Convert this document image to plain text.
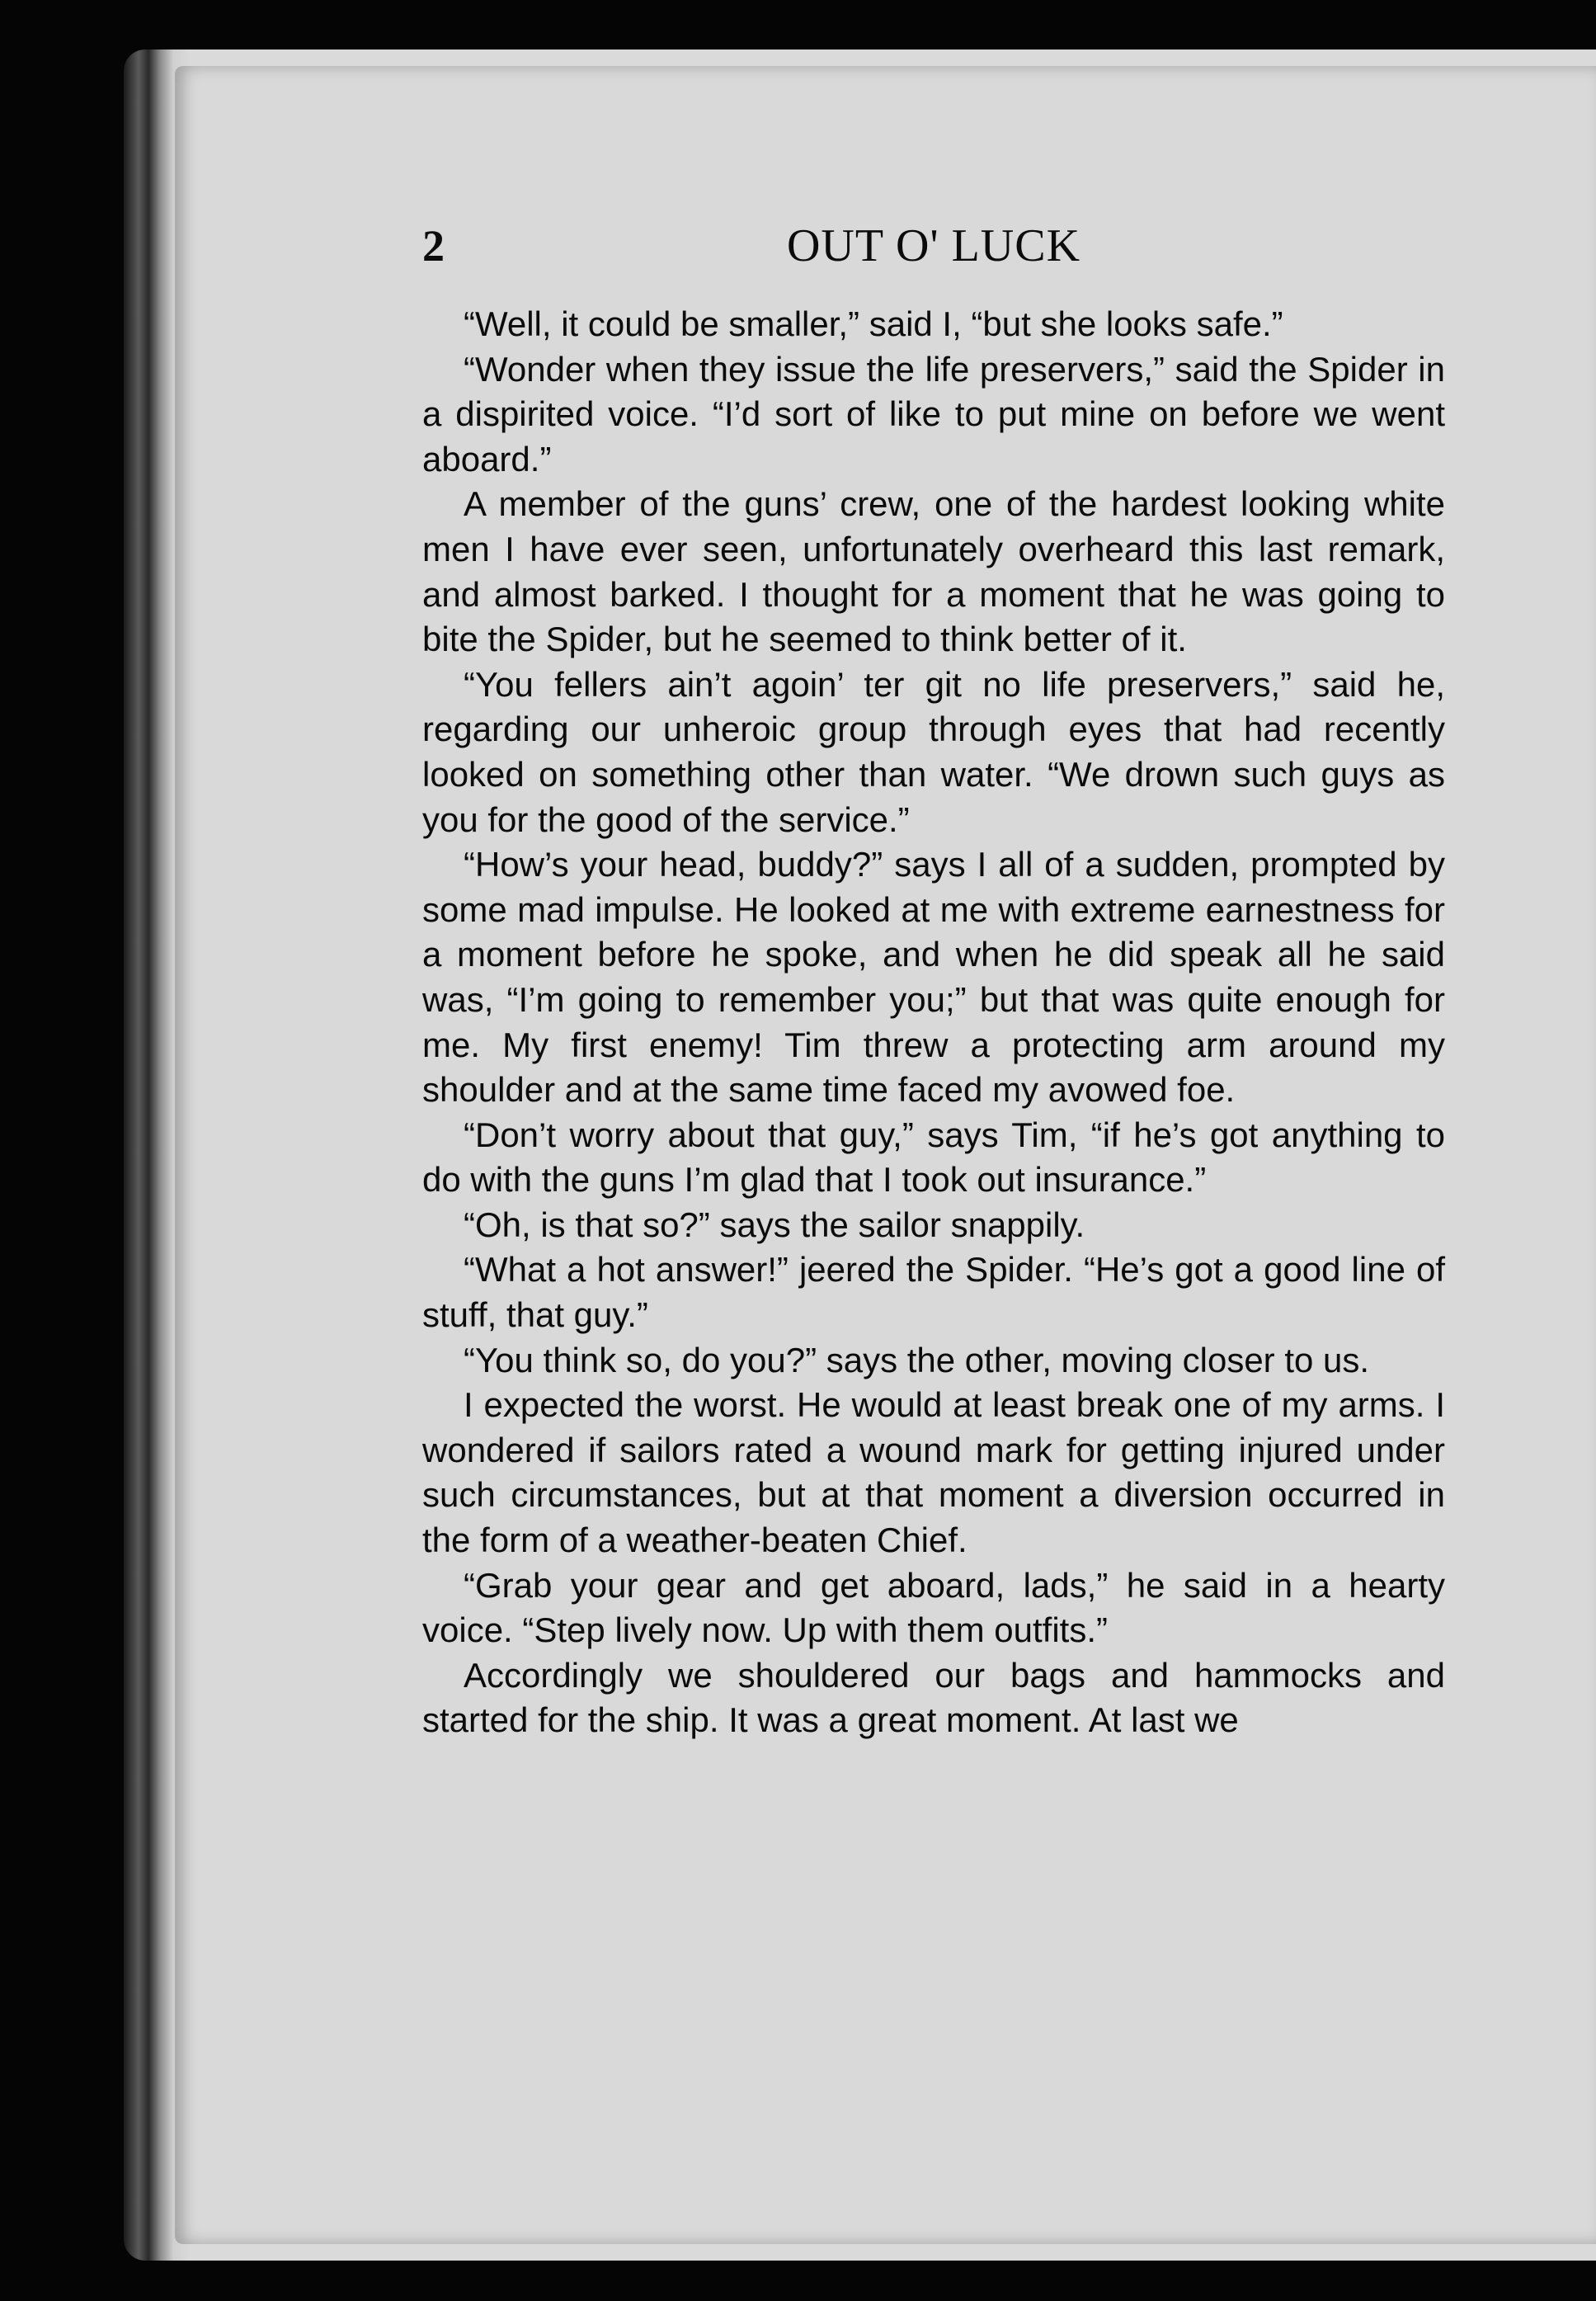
2	OUT O' LUCK

“Well, it could be smaller,” said I, “but she looks safe.”

“Wonder when they issue the life preservers,” said the Spider in a dispirited voice. “I’d sort of like to put mine on before we went aboard.”

A member of the guns’ crew, one of the hardest looking white men I have ever seen, unfortunately overheard this last remark, and almost barked. I thought for a moment that he was going to bite the Spider, but he seemed to think better of it.

“You fellers ain’t agoin’ ter git no life preservers,” said he, regarding our unheroic group through eyes that had recently looked on something other than water. “We drown such guys as you for the good of the service.”

“How’s your head, buddy?” says I all of a sudden, prompted by some mad impulse. He looked at me with extreme earnestness for a moment before he spoke, and when he did speak all he said was, “I’m going to remember you;” but that was quite enough for me. My first enemy! Tim threw a protecting arm around my shoulder and at the same time faced my avowed foe.

“Don’t worry about that guy,” says Tim, “if he’s got anything to do with the guns I’m glad that I took out insurance.”

“Oh, is that so?” says the sailor snappily.

“What a hot answer!” jeered the Spider. “He’s got a good line of stuff, that guy.”

“You think so, do you?” says the other, moving closer to us.

I expected the worst. He would at least break one of my arms. I wondered if sailors rated a wound mark for getting injured under such circumstances, but at that moment a diversion occurred in the form of a weather-beaten Chief.

“Grab your gear and get aboard, lads,” he said in a hearty voice. “Step lively now. Up with them outfits.”

Accordingly we shouldered our bags and hammocks and started for the ship. It was a great moment. At last we
